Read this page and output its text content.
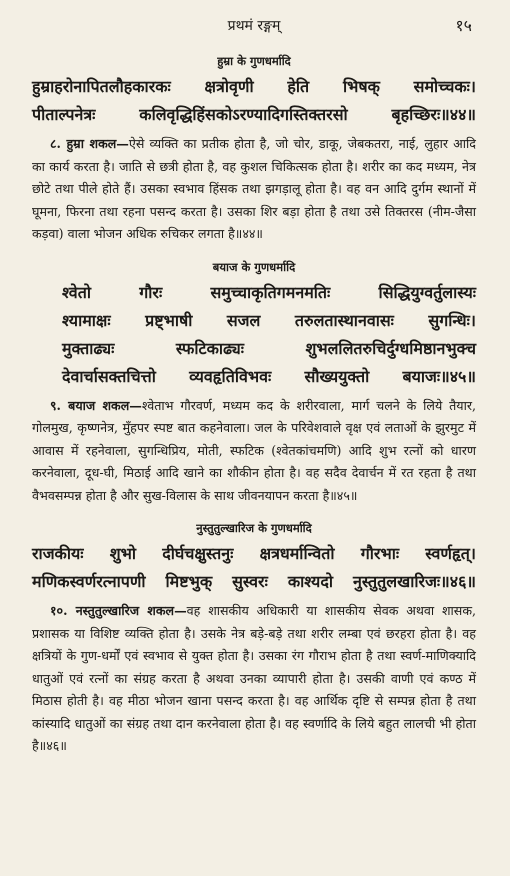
प्रथमं रङ्गम्	१५
हुम्रा के गुणधर्मादि
हुम्राहरोनापितलौहकारकः क्षत्रोवृणी हेति भिषक् समोच्चकः।
पीताल्पनेत्रः	कलिवृद्धिहिंसकोऽरण्यादिगस्तिक्तरसो	बृहच्छिरः॥४४॥

८. हुम्रा शकल—ऐसे व्यक्ति का प्रतीक होता है, जो चोर, डाकू, जेबकतरा, नाई, लुहार आदि का कार्य करता है। जाति से छत्री होता है, वह कुशल चिकित्सक होता है। शरीर का कद मध्यम, नेत्र छोटे तथा पीले होते हैं। उसका स्वभाव हिंसक तथा झगड़ालू होता है। वह वन आदि दुर्गम स्थानों में घूमना, फिरना तथा रहना पसन्द करता है। उसका शिर बड़ा होता है तथा उसे तिक्तरस (नीम-जैसा कड़वा) वाला भोजन अधिक रुचिकर लगता है॥४४॥

बयाज के गुणधर्मादि
श्वेतो	गौरः	समुच्चाकृतिगमनमतिः	सिद्धियुग्वर्तुलास्यः
श्यामाक्षः प्रष्ट्भाषी सजल तरुलतास्थानवासः सुगन्धिः।
मुक्ताढ्यः	स्फटिकाढ्यः	शुभललितरुचिर्दुग्धमिष्ठानभुक्च
देवार्चासक्तचित्तो व्यवहृतिविभवः सौख्ययुक्तो बयाजः॥४५॥

९. बयाज शकल—श्वेताभ गौरवर्ण, मध्यम कद के शरीरवाला, मार्ग चलने के लिये तैयार, गोलमुख, कृष्णनेत्र, मुँहपर स्पष्ट बात कहनेवाला। जल के परिवेशवाले वृक्ष एवं लताओं के झुरमुट में आवास में रहनेवाला, सुगन्धिप्रिय, मोती, स्फटिक (श्वेतकांचमणि) आदि शुभ रत्नों को धारण करनेवाला, दूध-घी, मिठाई आदि खाने का शौकीन होता है। वह सदैव देवार्चन में रत रहता है तथा वैभवसम्पन्न होता है और सुख-विलास के साथ जीवनयापन करता है॥४५॥

नुस्तुतुल्खारिज के गुणधर्मादि
राजकीयः शुभो दीर्घचक्षुस्तनुः क्षत्रधर्मान्वितो गौरभाः स्वर्णहृत्।
मणिकस्वर्णरत्नापणी मिष्टभुक् सुस्वरः काश्यदो नुस्तुतुलखारिजः॥४६॥

१०. नस्तुतुल्खारिज शकल—वह शासकीय अधिकारी या शासकीय सेवक अथवा शासक, प्रशासक या विशिष्ट व्यक्ति होता है। उसके नेत्र बड़े-बड़े तथा शरीर लम्बा एवं छरहरा होता है। वह क्षत्रियों के गुण-धर्मों एवं स्वभाव से युक्त होता है। उसका रंग गौराभ होता है तथा स्वर्ण-माणिक्यादि धातुओं एवं रत्नों का संग्रह करता है अथवा उनका व्यापारी होता है। उसकी वाणी एवं कण्ठ में मिठास होती है। वह मीठा भोजन खाना पसन्द करता है। वह आर्थिक दृष्टि से सम्पन्न होता है तथा कांस्यादि धातुओं का संग्रह तथा दान करनेवाला होता है। वह स्वर्णादि के लिये बहुत लालची भी होता है॥४६॥
